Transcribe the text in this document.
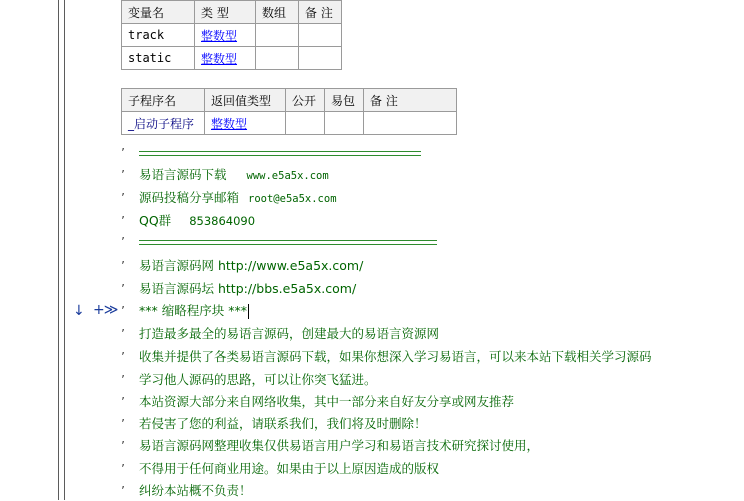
变量名	类 型	数组	备 注
track	整数型		
static	整数型		
子程序名	返回值类型	公开	易包	备 注
_启动子程序	整数型			
’
’ 易语言源码下载 www.e5a5x.com
’ 源码投稿分享邮箱 root@e5a5x.com
’ QQ群 853864090
’
’ 易语言源码网 http://www.e5a5x.com/
’ 易语言源码坛 http://bbs.e5a5x.com/
↓ +≫ ’ *** 缩略程序块 ***
’ 打造最多最全的易语言源码，创建最大的易语言资源网
’ 收集并提供了各类易语言源码下载，如果你想深入学习易语言，可以来本站下载相关学习源码
’ 学习他人源码的思路，可以让你突飞猛进。
’ 本站资源大部分来自网络收集，其中一部分来自好友分享或网友推荐
’ 若侵害了您的利益，请联系我们，我们将及时删除！
’ 易语言源码网整理收集仅供易语言用户学习和易语言技术研究探讨使用，
’ 不得用于任何商业用途。如果由于以上原因造成的版权
’ 纠纷本站概不负责！
